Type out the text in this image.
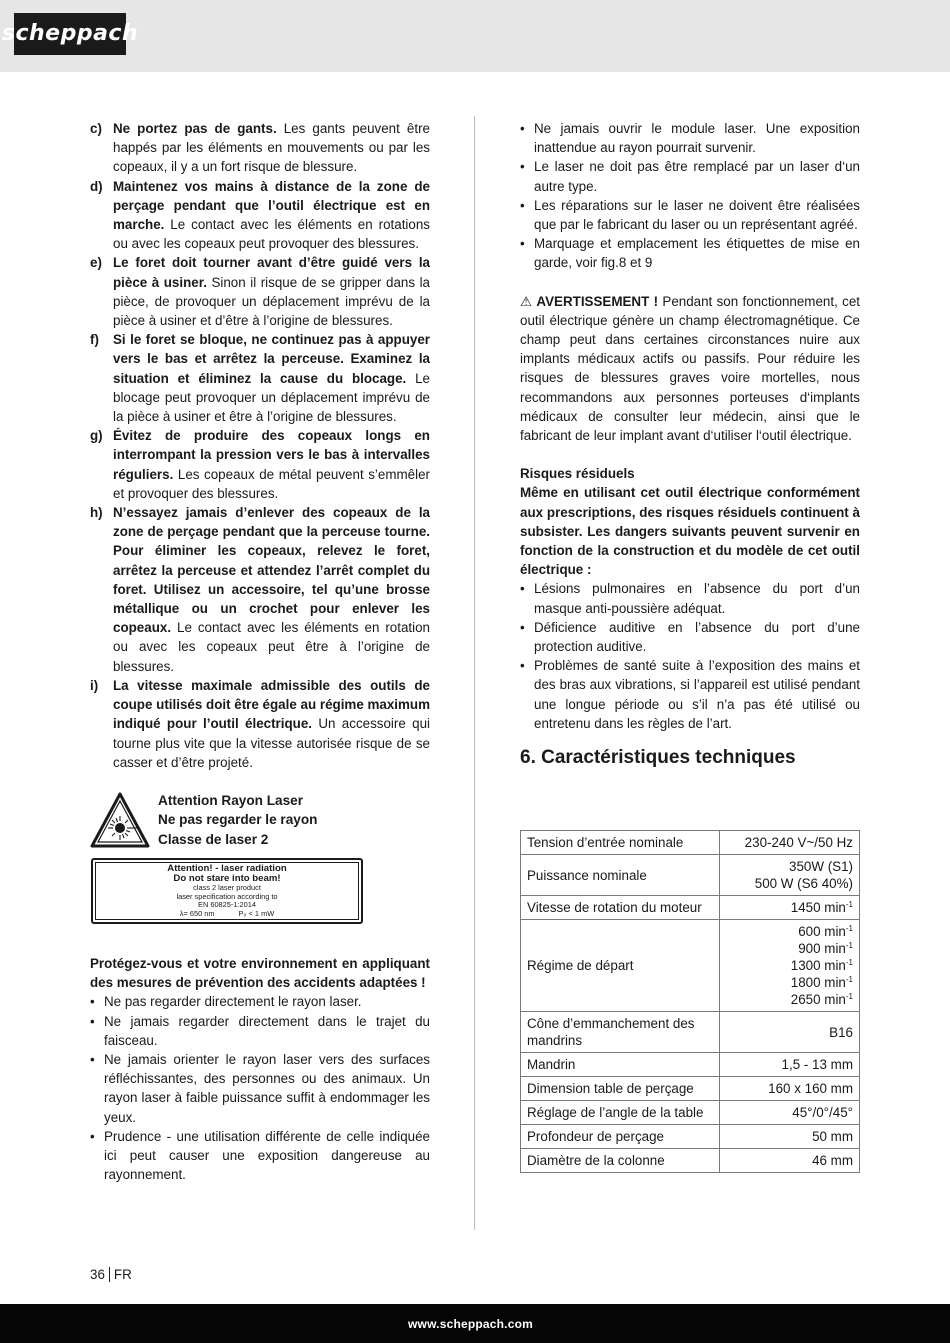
scheppach
c) Ne portez pas de gants. Les gants peuvent être happés par les éléments en mouvements ou par les copeaux, il y a un fort risque de blessure.
d) Maintenez vos mains à distance de la zone de perçage pendant que l’outil électrique est en marche. Le contact avec les éléments en rotations ou avec les copeaux peut provoquer des blessures.
e) Le foret doit tourner avant d’être guidé vers la pièce à usiner. Sinon il risque de se gripper dans la pièce, de provoquer un déplacement imprévu de la pièce à usiner et d’être à l’origine de blessures.
f)	Si le foret se bloque, ne continuez pas à appuyer vers le bas et arrêtez la perceuse. Examinez la situation et éliminez la cause du blocage. Le blocage peut provoquer un déplacement imprévu de la pièce à usiner et être à l’origine de blessures.
g) Évitez de produire des copeaux longs en interrompant la pression vers le bas à intervalles réguliers. Les copeaux de métal peuvent s’emmêler et provoquer des blessures.
h) N’essayez jamais d’enlever des copeaux de la zone de perçage pendant que la perceuse tourne. Pour éliminer les copeaux, relevez le foret, arrêtez la perceuse et attendez l’arrêt complet du foret. Utilisez un accessoire, tel qu’une brosse métallique ou un crochet pour enlever les copeaux. Le contact avec les éléments en rotation ou avec les copeaux peut être à l’origine de blessures.
i)	La vitesse maximale admissible des outils de coupe utilisés doit être égale au régime maximum indiqué pour l’outil électrique. Un accessoire qui tourne plus vite que la vitesse autorisée risque de se casser et d’être projeté.
Attention Rayon Laser
Ne pas regarder le rayon
Classe de laser 2
Attention! - laser radiation
Do not stare into beam!
class 2 laser product
laser specification according to
EN 60825-1:2014
λ= 650 nm	P₀ < 1 mW
Protégez-vous et votre environnement en appliquant des mesures de prévention des accidents adaptées !
• Ne pas regarder directement le rayon laser.
• Ne jamais regarder directement dans le trajet du faisceau.
• Ne jamais orienter le rayon laser vers des surfaces réfléchissantes, des personnes ou des animaux. Un rayon laser à faible puissance suffit à endommager les yeux.
• Prudence - une utilisation différente de celle indiquée ici peut causer une exposition dangereuse au rayonnement.
• Ne jamais ouvrir le module laser. Une exposition inattendue au rayon pourrait survenir.
• Le laser ne doit pas être remplacé par un laser d‘un autre type.
• Les réparations sur le laser ne doivent être réalisées que par le fabricant du laser ou un représentant agréé.
• Marquage et emplacement les étiquettes de mise en garde, voir fig.8 et 9
⚠ AVERTISSEMENT ! Pendant son fonctionnement, cet outil électrique génère un champ électromagnétique. Ce champ peut dans certaines circonstances nuire aux implants médicaux actifs ou passifs. Pour réduire les risques de blessures graves voire mortelles, nous recommandons aux personnes porteuses d‘implants médicaux de consulter leur médecin, ainsi que le fabricant de leur implant avant d‘utiliser l‘outil électrique.
Risques résiduels
Même en utilisant cet outil électrique conformément aux prescriptions, des risques résiduels continuent à subsister. Les dangers suivants peuvent survenir en fonction de la construction et du modèle de cet outil électrique :
• Lésions pulmonaires en l’absence du port d’un masque anti-poussière adéquat.
• Déficience auditive en l’absence du port d’une protection auditive.
• Problèmes de santé suite à l’exposition des mains et des bras aux vibrations, si l’appareil est utilisé pendant une longue période ou s’il n’a pas été utilisé ou entretenu dans les règles de l’art.
6. Caractéristiques techniques
Tension d’entrée nominale	230-240 V~/50 Hz

Puissance nominale	350W (S1)
500 W (S6 40%)

Vitesse de rotation du moteur	1450 $\min^{-1}$

Régime de départ	600 $\min^{-1}$
900 $\min^{-1}$
1300 $\min^{-1}$
1800 $\min^{-1}$
2650 $\min^{-1}$

Cône d’emmanchement des mandrins	B16

Mandrin	1,5 - 13 mm

Dimension table de perçage	160 x 160 mm

Réglage de l’angle de la table	45°/0°/45°

Profondeur de perçage	50 mm

Diamètre de la colonne	46 mm
36 FR
www.scheppach.com
